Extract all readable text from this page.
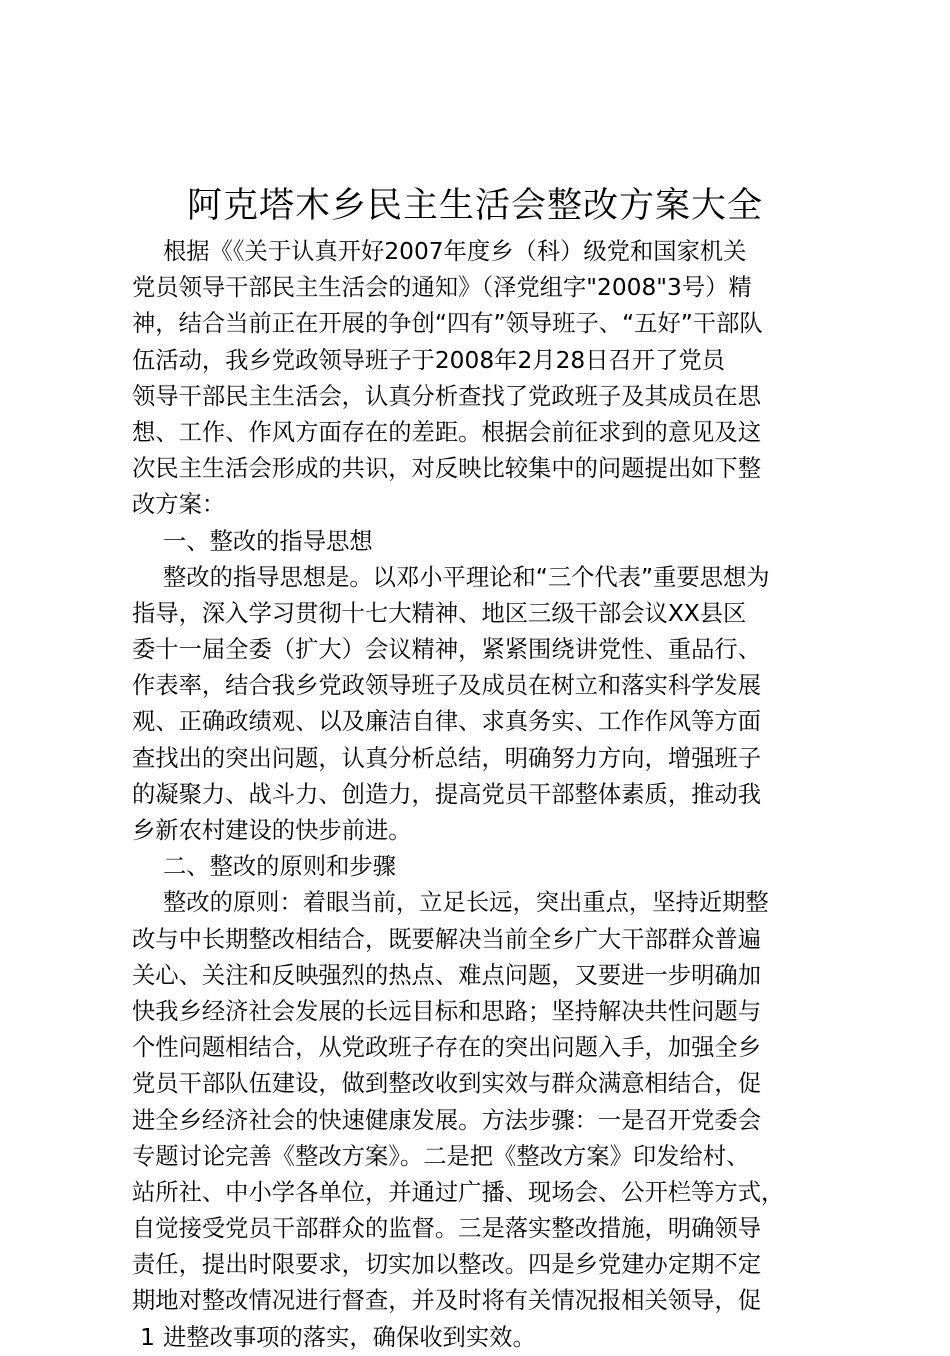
阿克塔木乡民主生活会整改方案大全
根据《《关于认真开好2007年度乡（科）级党和国家机关
党员领导干部民主生活会的通知》（泽党组字"2008"3号）精
神，结合当前正在开展的争创“四有”领导班子、“五好”干部队
伍活动，我乡党政领导班子于2008年2月28日召开了党员
领导干部民主生活会，认真分析查找了党政班子及其成员在思
想、工作、作风方面存在的差距。根据会前征求到的意见及这
次民主生活会形成的共识，对反映比较集中的问题提出如下整
改方案：
一、整改的指导思想
整改的指导思想是。以邓小平理论和“三个代表”重要思想为
指导，深入学习贯彻十七大精神、地区三级干部会议XX县区
委十一届全委（扩大）会议精神，紧紧围绕讲党性、重品行、
作表率，结合我乡党政领导班子及成员在树立和落实科学发展
观、正确政绩观、以及廉洁自律、求真务实、工作作风等方面
查找出的突出问题，认真分析总结，明确努力方向，增强班子
的凝聚力、战斗力、创造力，提高党员干部整体素质，推动我
乡新农村建设的快步前进。
二、整改的原则和步骤
整改的原则：着眼当前，立足长远，突出重点，坚持近期整
改与中长期整改相结合，既要解决当前全乡广大干部群众普遍
关心、关注和反映强烈的热点、难点问题，又要进一步明确加
快我乡经济社会发展的长远目标和思路；坚持解决共性问题与
个性问题相结合，从党政班子存在的突出问题入手，加强全乡
党员干部队伍建设，做到整改收到实效与群众满意相结合，促
进全乡经济社会的快速健康发展。方法步骤：一是召开党委会
专题讨论完善《整改方案》。二是把《整改方案》印发给村、
站所社、中小学各单位，并通过广播、现场会、公开栏等方式，
自觉接受党员干部群众的监督。三是落实整改措施，明确领导
责任，提出时限要求，切实加以整改。四是乡党建办定期不定
期地对整改情况进行督查，并及时将有关情况报相关领导，促
1 进整改事项的落实，确保收到实效。
